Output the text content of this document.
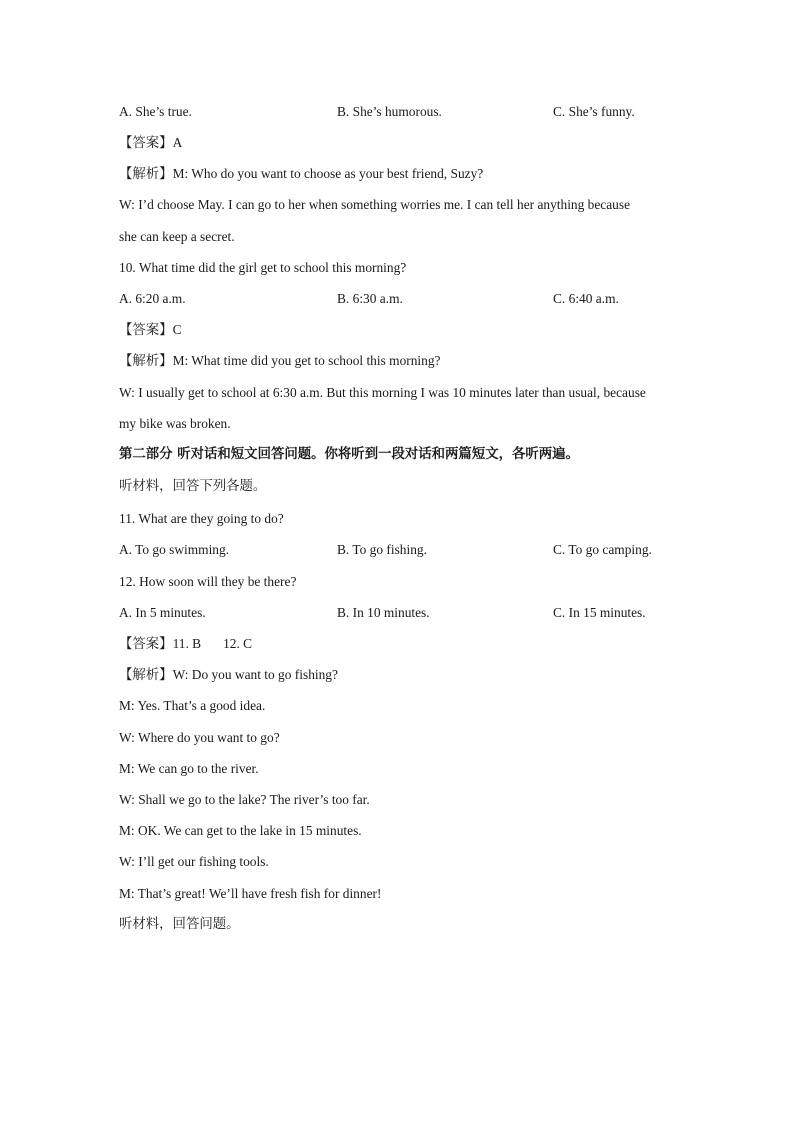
A. She’s true.	B. She’s humorous.	C. She’s funny.
【答案】A
【解析】M: Who do you want to choose as your best friend, Suzy?
W: I’d choose May. I can go to her when something worries me. I can tell her anything because
she can keep a secret.
10. What time did the girl get to school this morning?
A. 6:20 a.m.	B. 6:30 a.m.	C. 6:40 a.m.
【答案】C
【解析】M: What time did you get to school this morning?
W: I usually get to school at 6:30 a.m. But this morning I was 10 minutes later than usual, because
my bike was broken.
第二部分 听对话和短文回答问题。你将听到一段对话和两篇短文，各听两遍。
听材料，回答下列各题。
11. What are they going to do?
A. To go swimming.	B. To go fishing.	C. To go camping.
12. How soon will they be there?
A. In 5 minutes.	B. In 10 minutes.	C. In 15 minutes.
【答案】11. B 12. C
【解析】W: Do you want to go fishing?
M: Yes. That’s a good idea.
W: Where do you want to go?
M: We can go to the river.
W: Shall we go to the lake? The river’s too far.
M: OK. We can get to the lake in 15 minutes.
W: I’ll get our fishing tools.
M: That’s great! We’ll have fresh fish for dinner!
听材料，回答问题。
